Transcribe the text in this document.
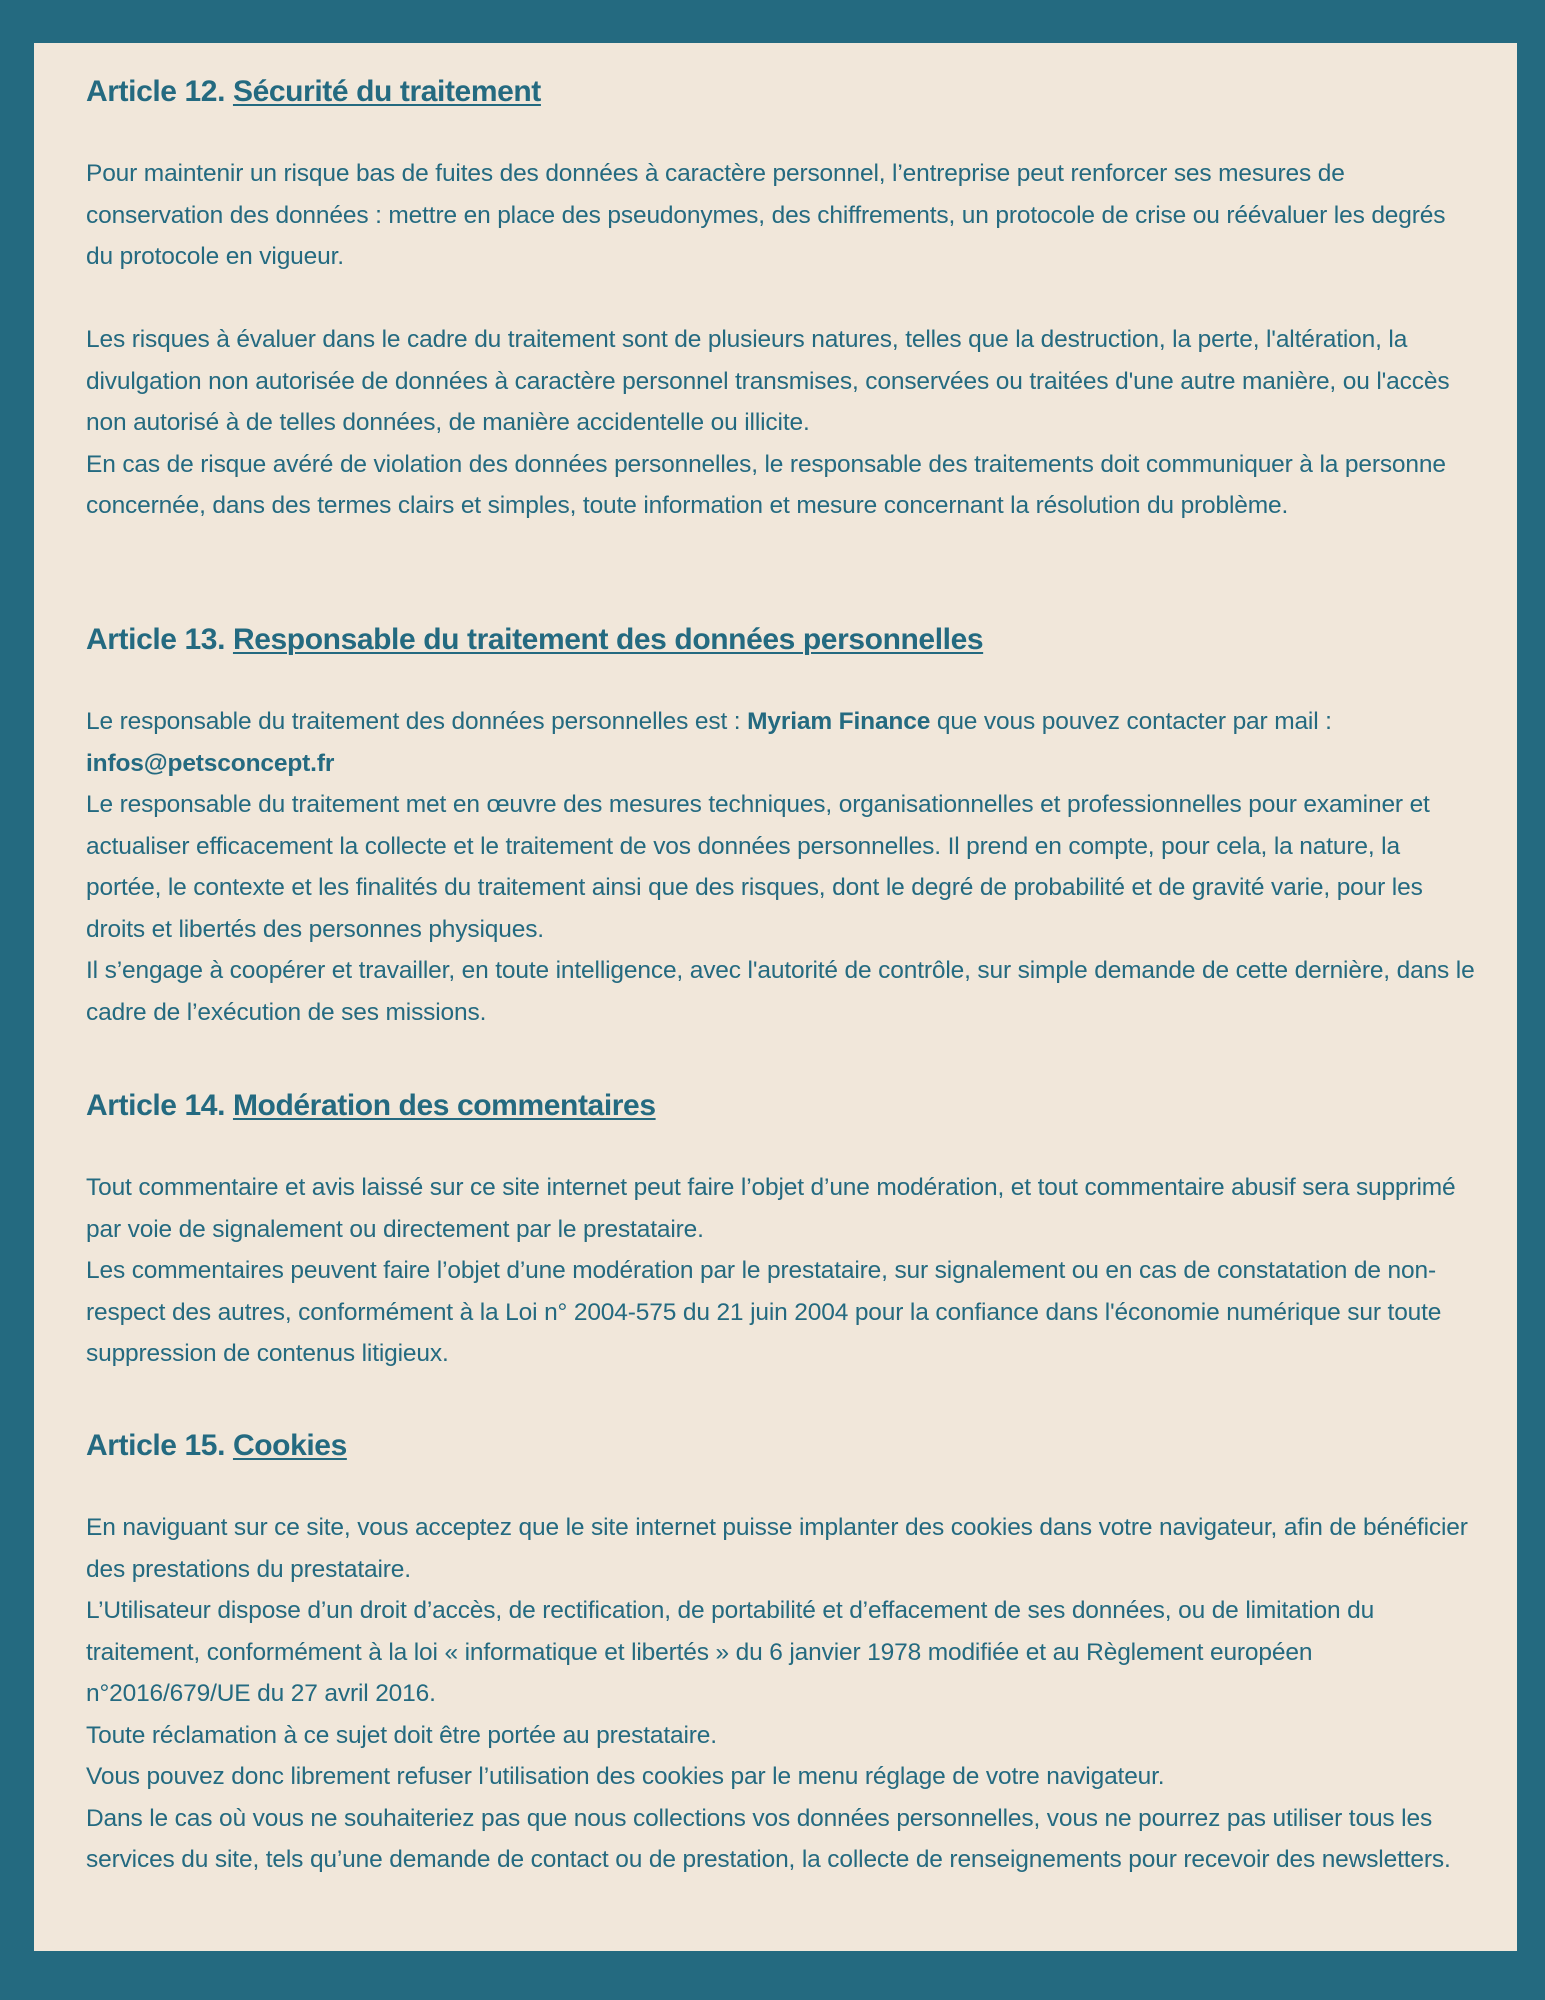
Article 12. Sécurité du traitement

Pour maintenir un risque bas de fuites des données à caractère personnel, l’entreprise peut renforcer ses mesures de conservation des données : mettre en place des pseudonymes, des chiffrements, un protocole de crise ou réévaluer les degrés du protocole en vigueur.

Les risques à évaluer dans le cadre du traitement sont de plusieurs natures, telles que la destruction, la perte, l'altération, la divulgation non autorisée de données à caractère personnel transmises, conservées ou traitées d'une autre manière, ou l'accès non autorisé à de telles données, de manière accidentelle ou illicite.

En cas de risque avéré de violation des données personnelles, le responsable des traitements doit communiquer à la personne concernée, dans des termes clairs et simples, toute information et mesure concernant la résolution du problème.

Article 13. Responsable du traitement des données personnelles

Le responsable du traitement des données personnelles est : Myriam Finance que vous pouvez contacter par mail : infos@petsconcept.fr

Le responsable du traitement met en œuvre des mesures techniques, organisationnelles et professionnelles pour examiner et actualiser efficacement la collecte et le traitement de vos données personnelles. Il prend en compte, pour cela, la nature, la portée, le contexte et les finalités du traitement ainsi que des risques, dont le degré de probabilité et de gravité varie, pour les droits et libertés des personnes physiques.

Il s’engage à coopérer et travailler, en toute intelligence, avec l'autorité de contrôle, sur simple demande de cette dernière, dans le cadre de l’exécution de ses missions.

Article 14. Modération des commentaires

Tout commentaire et avis laissé sur ce site internet peut faire l’objet d’une modération, et tout commentaire abusif sera supprimé par voie de signalement ou directement par le prestataire.

Les commentaires peuvent faire l’objet d’une modération par le prestataire, sur signalement ou en cas de constatation de non-respect des autres, conformément à la Loi n° 2004-575 du 21 juin 2004 pour la confiance dans l'économie numérique sur toute suppression de contenus litigieux.

Article 15. Cookies

En naviguant sur ce site, vous acceptez que le site internet puisse implanter des cookies dans votre navigateur, afin de bénéficier des prestations du prestataire.

L’Utilisateur dispose d’un droit d’accès, de rectification, de portabilité et d’effacement de ses données, ou de limitation du traitement, conformément à la loi « informatique et libertés » du 6 janvier 1978 modifiée et au Règlement européen n°2016/679/UE du 27 avril 2016.

Toute réclamation à ce sujet doit être portée au prestataire.

Vous pouvez donc librement refuser l’utilisation des cookies par le menu réglage de votre navigateur.

Dans le cas où vous ne souhaiteriez pas que nous collections vos données personnelles, vous ne pourrez pas utiliser tous les services du site, tels qu’une demande de contact ou de prestation, la collecte de renseignements pour recevoir des newsletters.
